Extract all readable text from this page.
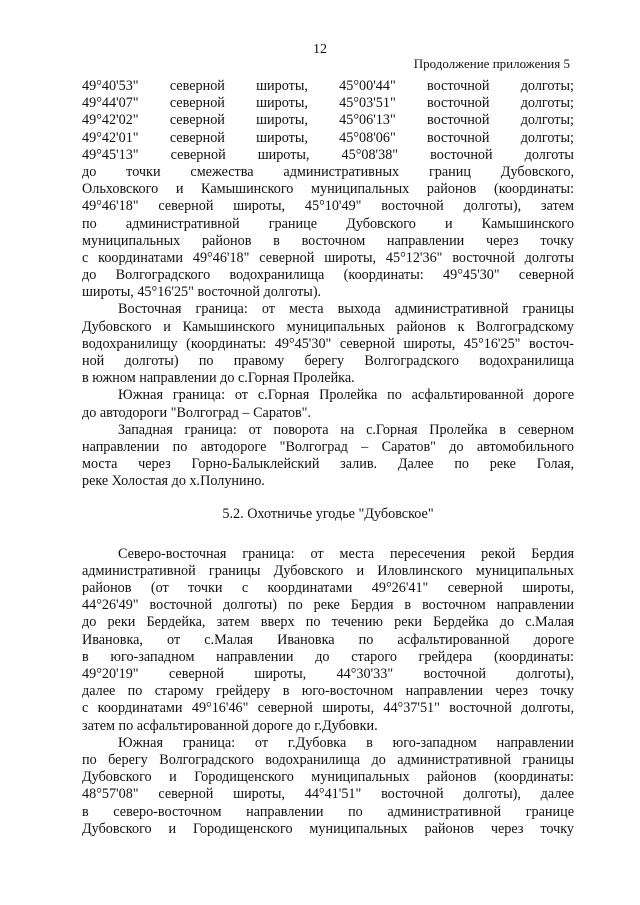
12
Продолжение приложения 5
49°40'53" северной широты, 45°00'44" восточной долготы;
49°44'07" северной широты, 45°03'51" восточной долготы;
49°42'02" северной широты, 45°06'13" восточной долготы;
49°42'01" северной широты, 45°08'06" восточной долготы;
49°45'13" северной широты, 45°08'38" восточной долготы
до точки смежества административных границ Дубовского,
Ольховского и Камышинского муниципальных районов (координаты:
49°46'18" северной широты, 45°10'49" восточной долготы), затем
по административной границе Дубовского и Камышинского
муниципальных районов в восточном направлении через точку
с координатами 49°46'18" северной широты, 45°12'36" восточной долготы
до Волгоградского водохранилища (координаты: 49°45'30" северной
широты, 45°16'25" восточной долготы).
Восточная граница: от места выхода административной границы
Дубовского и Камышинского муниципальных районов к Волгоградскому
водохранилищу (координаты: 49°45'30" северной широты, 45°16'25" восточ-
ной долготы) по правому берегу Волгоградского водохранилища
в южном направлении до с.Горная Пролейка.
Южная граница: от с.Горная Пролейка по асфальтированной дороге
до автодороги "Волгоград – Саратов".
Западная граница: от поворота на с.Горная Пролейка в северном
направлении по автодороге "Волгоград – Саратов" до автомобильного
моста через Горно-Балыклейский залив. Далее по реке Голая,
реке Холостая до х.Полунино.
5.2. Охотничье угодье "Дубовское"
Северо-восточная граница: от места пересечения рекой Бердия
административной границы Дубовского и Иловлинского муниципальных
районов (от точки с координатами 49°26'41" северной широты,
44°26'49" восточной долготы) по реке Бердия в восточном направлении
до реки Бердейка, затем вверх по течению реки Бердейка до с.Малая
Ивановка, от с.Малая Ивановка по асфальтированной дороге
в юго-западном направлении до старого грейдера (координаты:
49°20'19" северной широты, 44°30'33" восточной долготы),
далее по старому грейдеру в юго-восточном направлении через точку
с координатами 49°16'46" северной широты, 44°37'51" восточной долготы,
затем по асфальтированной дороге до г.Дубовки.
Южная граница: от г.Дубовка в юго-западном направлении
по берегу Волгоградского водохранилища до административной границы
Дубовского и Городищенского муниципальных районов (координаты:
48°57'08" северной широты, 44°41'51" восточной долготы), далее
в северо-восточном направлении по административной границе
Дубовского и Городищенского муниципальных районов через точку
